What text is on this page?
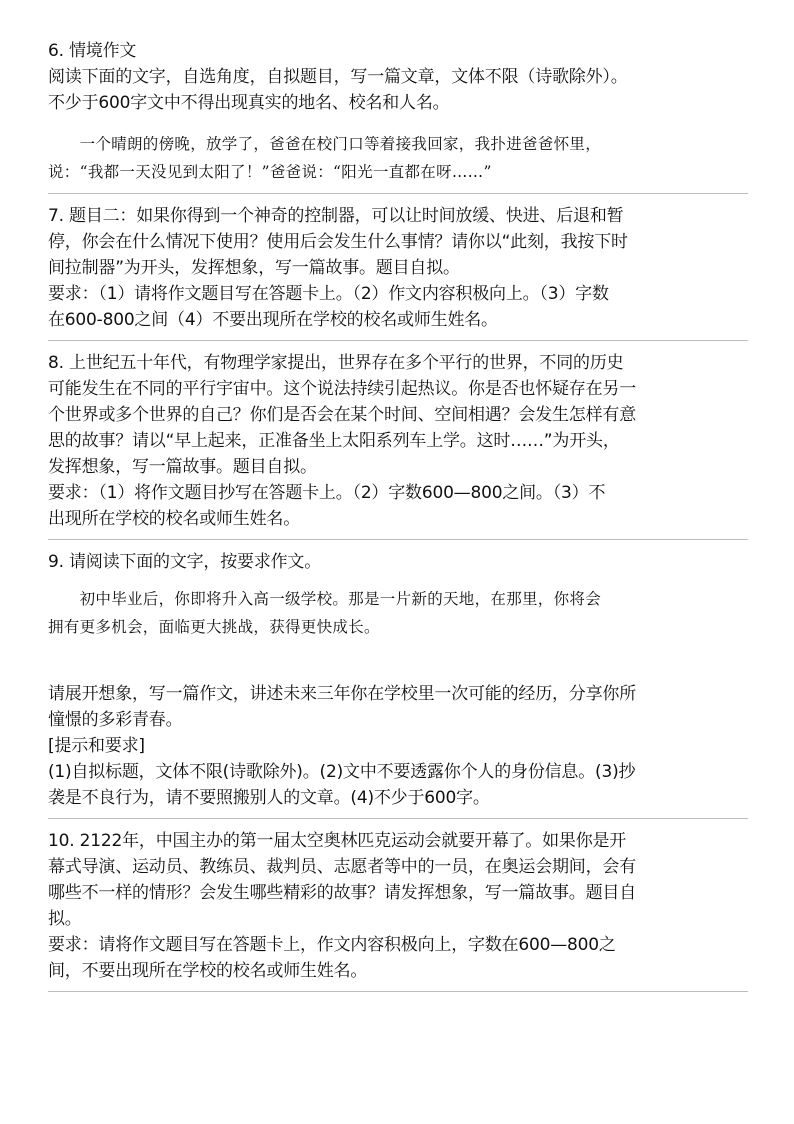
6. 情境作文

阅读下面的文字，自选角度，自拟题目，写一篇文章，文体不限（诗歌除外）。

不少于600字文中不得出现真实的地名、校名和人名。

　　一个晴朗的傍晚，放学了，爸爸在校门口等着接我回家，我扑进爸爸怀里，

说：“我都一天没见到太阳了！”爸爸说：“阳光一直都在呀……”

7. 题目二：如果你得到一个神奇的控制器，可以让时间放缓、快进、后退和暂

停，你会在什么情况下使用？使用后会发生什么事情？请你以“此刻，我按下时

间拉制器”为开头，发挥想象，写一篇故事。题目自拟。

要求：（1）请将作文题目写在答题卡上。（2）作文内容积极向上。（3）字数

在600-800之间（4）不要出现所在学校的校名或师生姓名。

8. 上世纪五十年代，有物理学家提出，世界存在多个平行的世界，不同的历史

可能发生在不同的平行宇宙中。这个说法持续引起热议。你是否也怀疑存在另一

个世界或多个世界的自己？你们是否会在某个时间、空间相遇？会发生怎样有意

思的故事？请以“早上起来，正准备坐上太阳系列车上学。这时……”为开头，

发挥想象，写一篇故事。题目自拟。

要求：（1）将作文题目抄写在答题卡上。（2）字数600—800之间。（3）不

出现所在学校的校名或师生姓名。

9. 请阅读下面的文字，按要求作文。

　　初中毕业后，你即将升入高一级学校。那是一片新的天地，在那里，你将会

拥有更多机会，面临更大挑战，获得更快成长。

请展开想象，写一篇作文，讲述未来三年你在学校里一次可能的经历，分享你所

憧憬的多彩青春。

[提示和要求]

(1)自拟标题，文体不限(诗歌除外)。(2)文中不要透露你个人的身份信息。(3)抄

袭是不良行为，请不要照搬别人的文章。(4)不少于600字。

10. 2122年，中国主办的第一届太空奥林匹克运动会就要开幕了。如果你是开

幕式导演、运动员、教练员、裁判员、志愿者等中的一员，在奥运会期间，会有

哪些不一样的情形？会发生哪些精彩的故事？请发挥想象，写一篇故事。题目自

拟。

要求：请将作文题目写在答题卡上，作文内容积极向上，字数在600—800之

间，不要出现所在学校的校名或师生姓名。
